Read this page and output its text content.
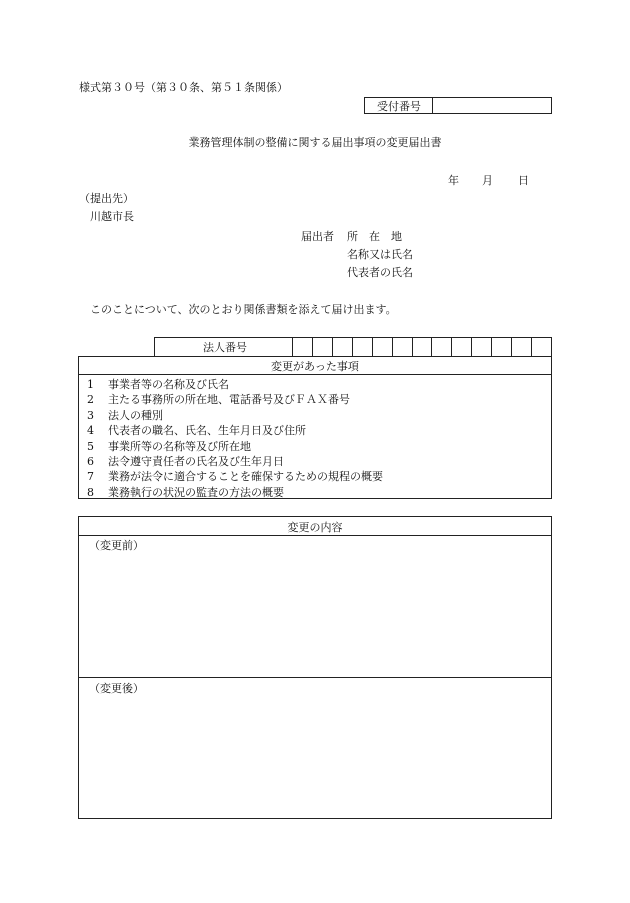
様式第３０号（第３０条、第５１条関係）
受付番号
業務管理体制の整備に関する届出事項の変更届出書
年 月 日
（提出先）
川越市長
届出者 所　在　地
名称又は氏名
代表者の氏名
このことについて、次のとおり関係書類を添えて届け出ます。
法人番号
変更があった事項
1 事業者等の名称及び氏名
2 主たる事務所の所在地、電話番号及びＦＡＸ番号
3 法人の種別
4 代表者の職名、氏名、生年月日及び住所
5 事業所等の名称等及び所在地
6 法令遵守責任者の氏名及び生年月日
7 業務が法令に適合することを確保するための規程の概要
8 業務執行の状況の監査の方法の概要
変更の内容
（変更前）
（変更後）
